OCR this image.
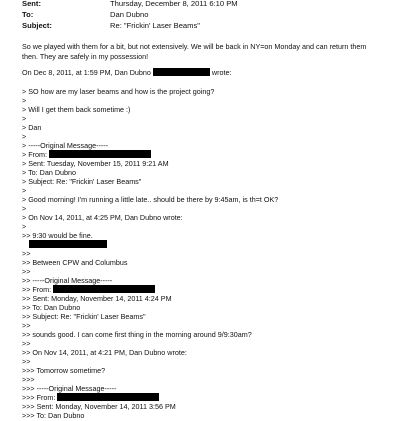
Sent:	Thursday, December 8, 2011 6:10 PM
To:	Dan Dubno
Subject:	Re: "Frickin' Laser Beams"
So we played with them for a bit, but not extensively. We will be back in NY=on Monday and can return them then. They are safely in my possession!
On Dec 8, 2011, at 1:59 PM, Dan Dubno	wrote:
> SO how are my laser beams and how is the project going?
>
> Will I get them back sometime :)
>
> Dan
>
> -----Original Message-----
> From:
> Sent: Tuesday, November 15, 2011 9:21 AM
> To: Dan Dubno
> Subject: Re: "Frickin' Laser Beams"
>
> Good morning! I'm running a little late.. should be there by 9:45am, is th=t OK?
>
> On Nov 14, 2011, at 4:25 PM, Dan Dubno wrote:
>
>> 9:30 would be fine.
>>
>> Between CPW and Columbus
>>
>> -----Original Message-----
>> From:
>> Sent: Monday, November 14, 2011 4:24 PM
>> To: Dan Dubno
>> Subject: Re: "Frickin' Laser Beams"
>>
>> sounds good. I can come first thing in the morning around 9/9:30am?
>>
>> On Nov 14, 2011, at 4:21 PM, Dan Dubno wrote:
>>
>>> Tomorrow sometime?
>>>
>>> -----Original Message-----
>>> From:
>>> Sent: Monday, November 14, 2011 3:56 PM
>>> To: Dan Dubno
